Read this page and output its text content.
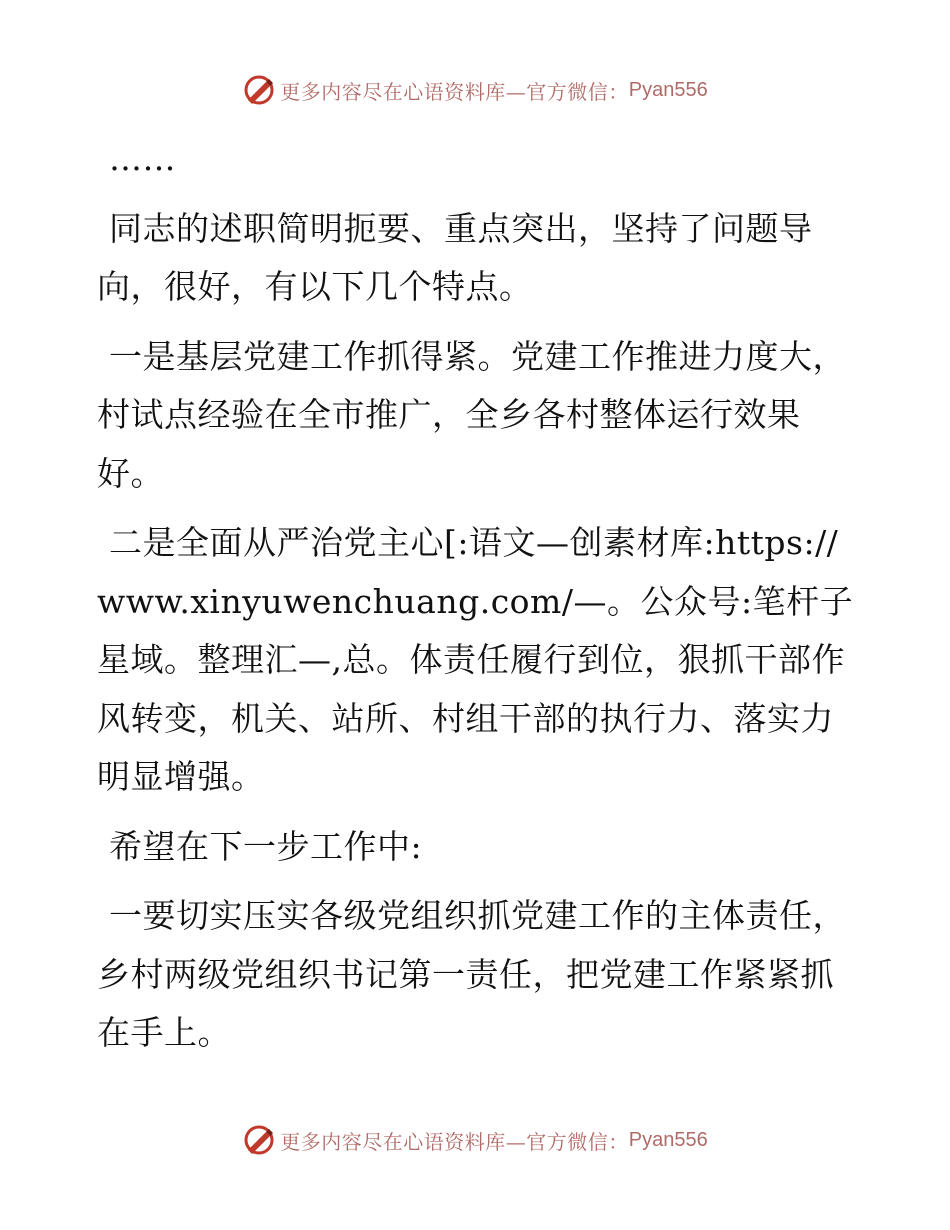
更多内容尽在心语资料库—官方微信： Pyan556

……

同志的述职简明扼要、重点突出，坚持了问题导向，很好，有以下几个特点。

一是基层党建工作抓得紧。党建工作推进力度大，村试点经验在全市推广，全乡各村整体运行效果好。

二是全面从严治党主心[:语文—创素材库:https://www.xinyuwenchuang.com/—。公众号:笔杆子星域。整理汇—,总。体责任履行到位，狠抓干部作风转变，机关、站所、村组干部的执行力、落实力明显增强。

希望在下一步工作中:

一要切实压实各级党组织抓党建工作的主体责任，乡村两级党组织书记第一责任，把党建工作紧紧抓在手上。

更多内容尽在心语资料库—官方微信： Pyan556
